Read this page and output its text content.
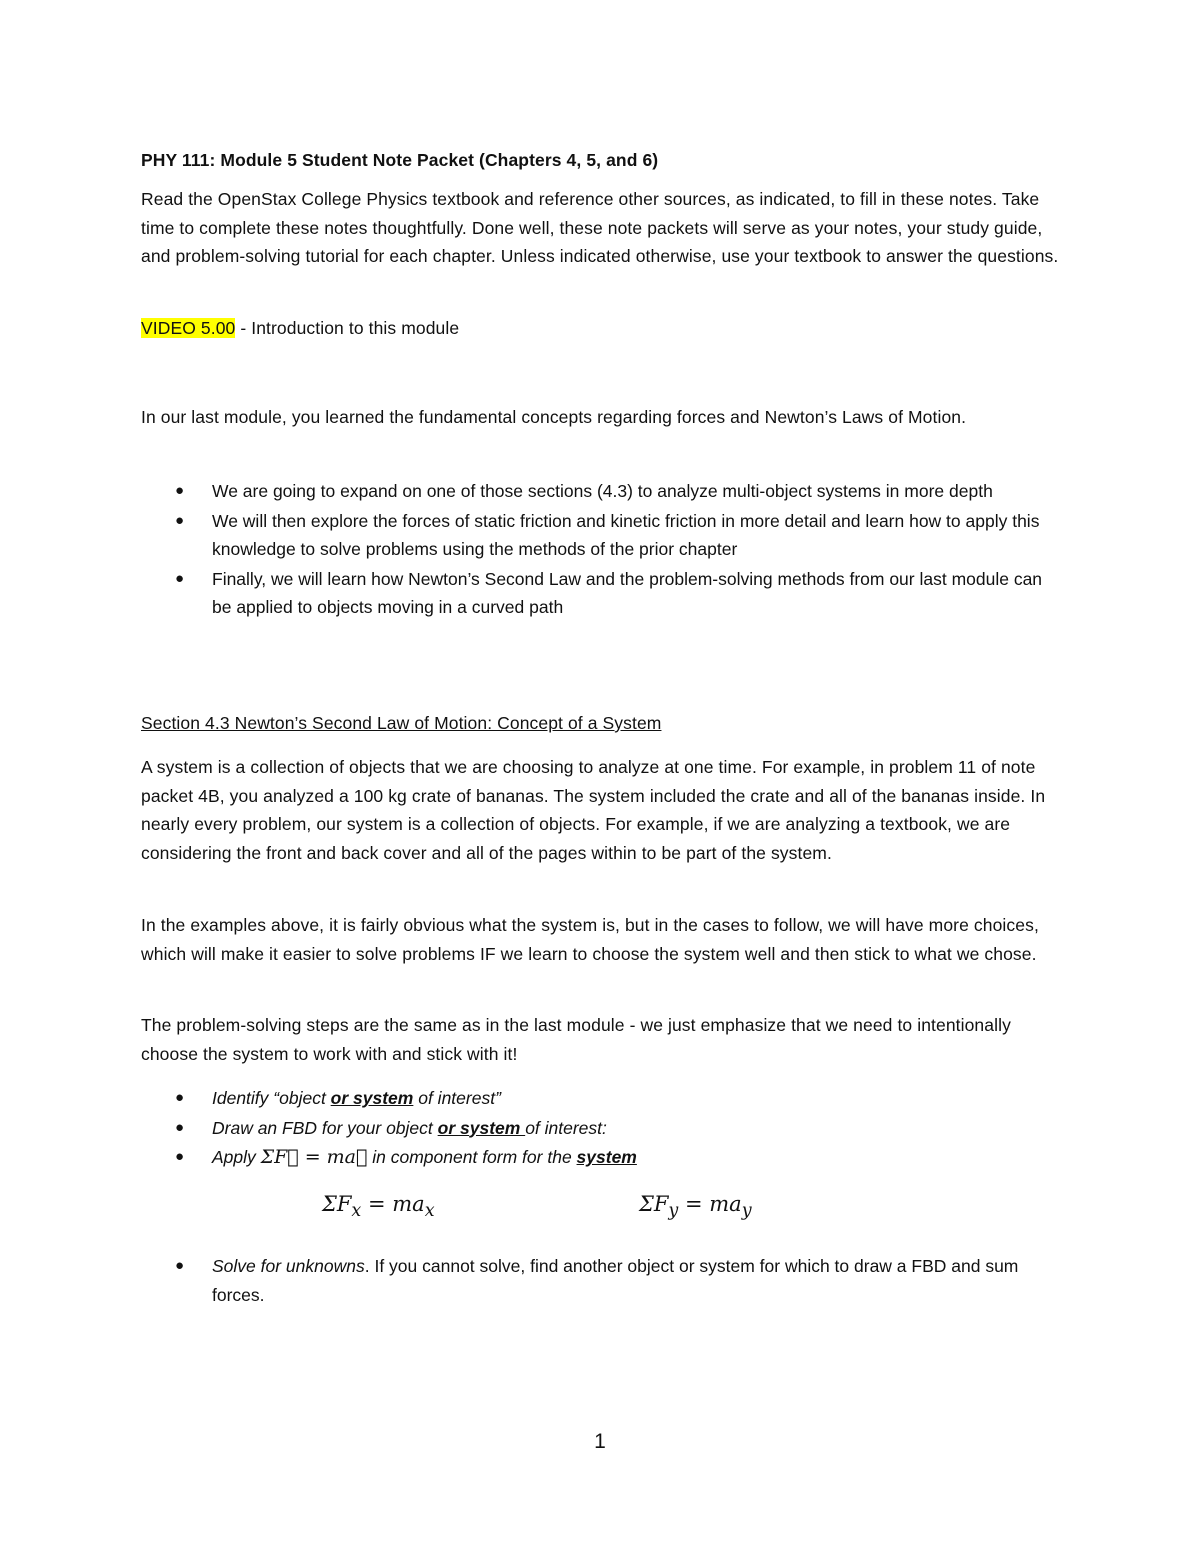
PHY 111: Module 5 Student Note Packet (Chapters 4, 5, and 6)
Read the OpenStax College Physics textbook and reference other sources, as indicated, to fill in these notes. Take time to complete these notes thoughtfully. Done well, these note packets will serve as your notes, your study guide, and problem-solving tutorial for each chapter. Unless indicated otherwise, use your textbook to answer the questions.
VIDEO 5.00 - Introduction to this module
In our last module, you learned the fundamental concepts regarding forces and Newton’s Laws of Motion.
● We are going to expand on one of those sections (4.3) to analyze multi-object systems in more depth
● We will then explore the forces of static friction and kinetic friction in more detail and learn how to apply this knowledge to solve problems using the methods of the prior chapter
● Finally, we will learn how Newton’s Second Law and the problem-solving methods from our last module can be applied to objects moving in a curved path
Section 4.3 Newton’s Second Law of Motion: Concept of a System
A system is a collection of objects that we are choosing to analyze at one time. For example, in problem 11 of note packet 4B, you analyzed a 100 kg crate of bananas. The system included the crate and all of the bananas inside. In nearly every problem, our system is a collection of objects. For example, if we are analyzing a textbook, we are considering the front and back cover and all of the pages within to be part of the system.
In the examples above, it is fairly obvious what the system is, but in the cases to follow, we will have more choices, which will make it easier to solve problems IF we learn to choose the system well and then stick to what we chose.
The problem-solving steps are the same as in the last module - we just emphasize that we need to intentionally choose the system to work with and stick with it!
● Identify “object or system of interest”
● Draw an FBD for your object or system of interest:
● Apply ΣF⃗ = ma⃗ in component form for the system
$\Sigma F_x = ma_x$	$\Sigma F_y = ma_y$
● Solve for unknowns. If you cannot solve, find another object or system for which to draw a FBD and sum forces.
1
